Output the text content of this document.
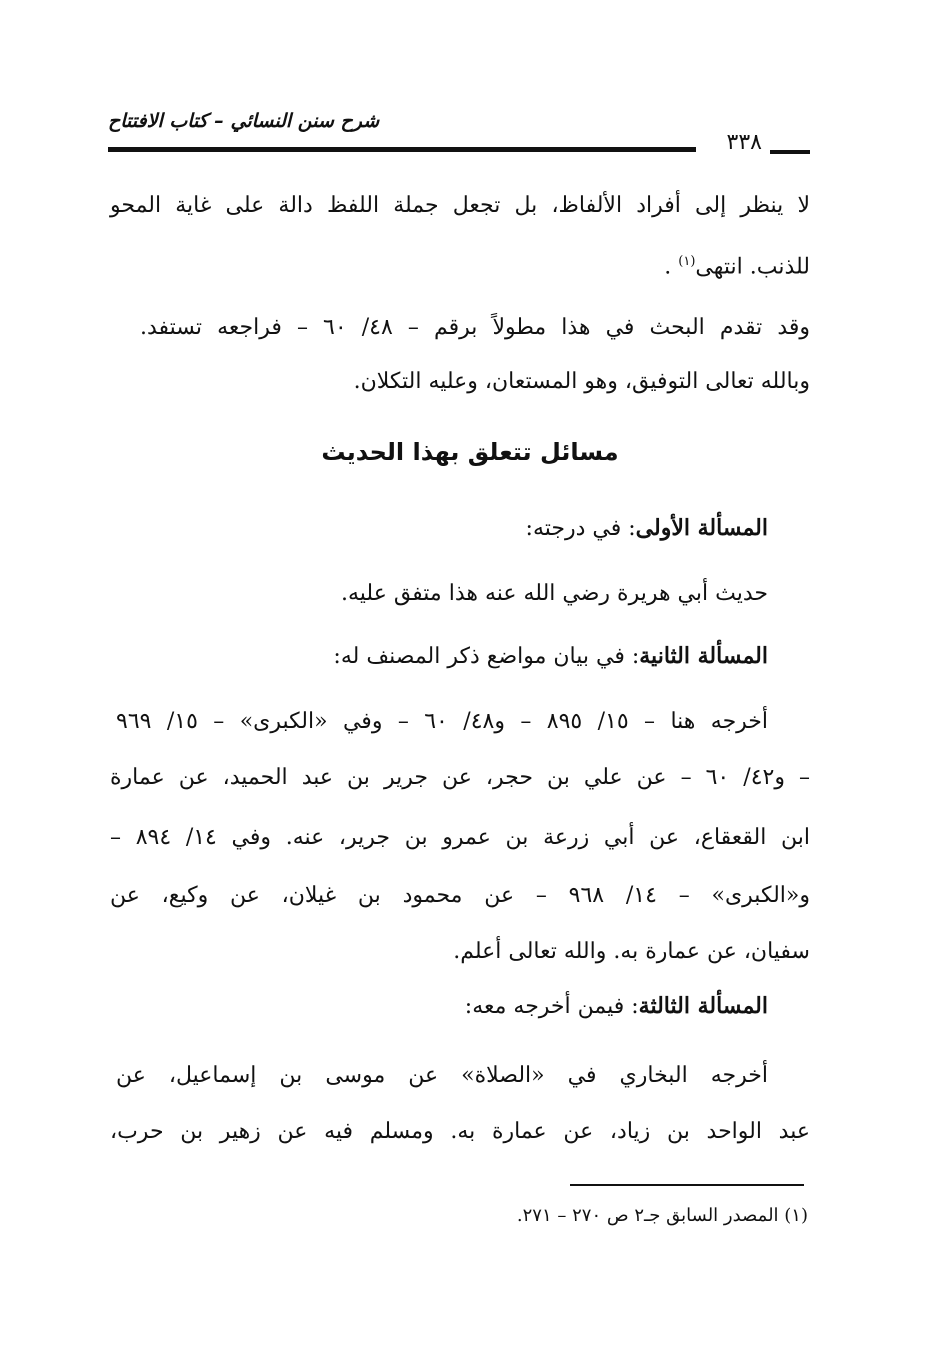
شرح سنن النسائي – كتاب الافتتاح
٣٣٨
لا ينظر إلى أفراد الألفاظ، بل تجعل جملة اللفظ دالة على غاية المحو
للذنب. انتهى$^{(١)}$ .
وقد تقدم البحث في هذا مطولاً برقم – ٤٨/ ٦٠ – فراجعه تستفد.
وبالله تعالى التوفيق، وهو المستعان، وعليه التكلان.
مسائل تتعلق بهذا الحديث
المسألة الأولى: في درجته:
حديث أبي هريرة رضي الله عنه هذا متفق عليه.
المسألة الثانية: في بيان مواضع ذكر المصنف له:
أخرجه هنا – ١٥/ ٨٩٥ – و٤٨/ ٦٠ – وفي «الكبرى» – ١٥/ ٩٦٩
– و٤٢/ ٦٠ – عن علي بن حجر، عن جرير بن عبد الحميد، عن عمارة
ابن القعقاع، عن أبي زرعة بن عمرو بن جرير، عنه. وفي ١٤/ ٨٩٤ –
و«الكبرى» – ١٤/ ٩٦٨ – عن محمود بن غيلان، عن وكيع، عن
سفيان، عن عمارة به. والله تعالى أعلم.
المسألة الثالثة: فيمن أخرجه معه:
أخرجه البخاري في «الصلاة» عن موسى بن إسماعيل، عن
عبد الواحد بن زياد، عن عمارة به. ومسلم فيه عن زهير بن حرب،
(١) المصدر السابق جـ٢ ص ٢٧٠ – ٢٧١.
